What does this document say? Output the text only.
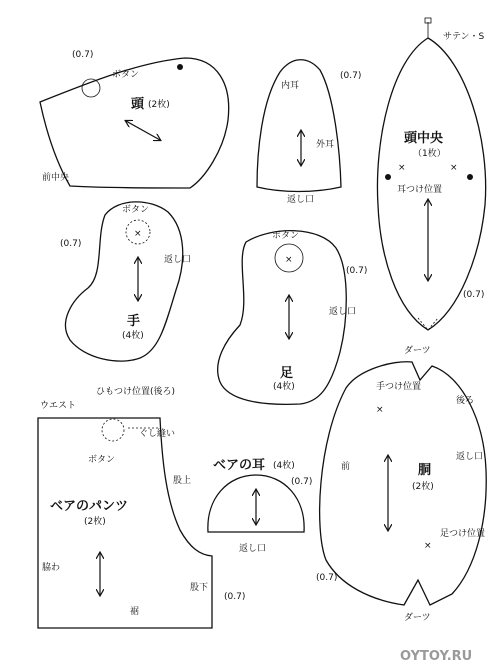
頭 (2枚)
ボタン
(0.7)
前中央
内耳
外耳
返し口
(0.7)
×	×
頭中央
（1枚）
耳つけ位置
サテン・S
(0.7)
×
ボタン
返し口
手
(4枚)
(0.7)
×
ボタン
返し口
足
(4枚)
(0.7)
×
×
胴
(2枚)
ダーツ
ダーツ
手つけ位置
後ろ
返し口
前
足つけ位置
(0.7)
ベアの耳 (4枚)
返し口
(0.7)
ウエスト
ひもつけ位置(後ろ)
ぐし縫い
ボタン
ベアのパンツ
(2枚)
股上
股下
脇わ
裾
(0.7)
OYTOY.RU
